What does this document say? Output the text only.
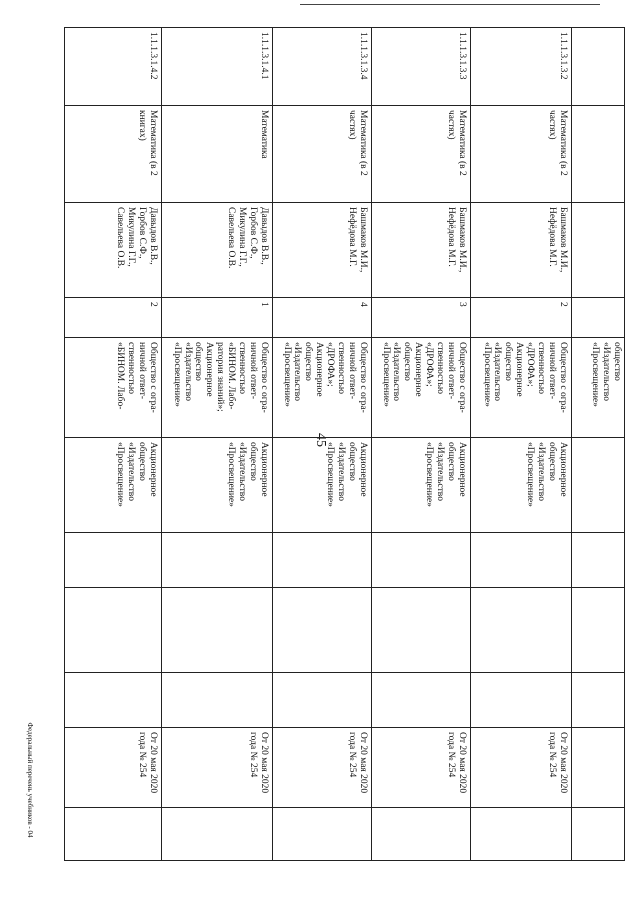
45
Федеральный перечень учебников - 04
				общество «Издательство «Просвещение»						
1.1.1.3.1.3.2	Математика (в 2 частях)	Башмаков М.И., Нефёдова М.Г.	2	Общество с огра-ничной ответ-ственностью «ДРОФА»; Акционерное общество «Издательство «Просвещение»	Акционерное общество «Издательство «Просвещение»				От 20 мая 2020 года № 254	
1.1.1.3.1.3.3	Математика (в 2 частях)	Башмаков М.И., Нефёдова М.Г.	3	Общество с огра-ничной ответ-ственностью «ДРОФА»; Акционерное общество «Издательство «Просвещение»	Акционерное общество «Издательство «Просвещение»				От 20 мая 2020 года № 254	
1.1.1.3.1.3.4	Математика (в 2 частях)	Башмаков М.И., Нефёдова М.Г.	4	Общество с огра-ничной ответ-ственностью «ДРОФА»; Акционерное общество «Издательство «Просвещение»	Акционерное общество «Издательство «Просвещение»				От 20 мая 2020 года № 254	
1.1.1.3.1.4.1	Математика	Давыдов В.В., Горбов С.Ф., Микулина Г.Г., Савельева О.В.	1	Общество с огра-ничной ответ-ственностью «БИНОМ. Лабо-ратория знаний»; Акционерное общество «Издательство «Просвещение»	Акционерное общество «Издательство «Просвещение»				От 20 мая 2020 года № 254	
1.1.1.3.1.4.2	Математика (в 2 книгах)	Давыдов В.В., Горбов С.Ф., Микулина Г.Г., Савельева О.В.	2	Общество с огра-ничной ответ-ственностью «БИНОМ. Лабо-	Акционерное общество «Издательство «Просвещение»				От 20 мая 2020 года № 254	
